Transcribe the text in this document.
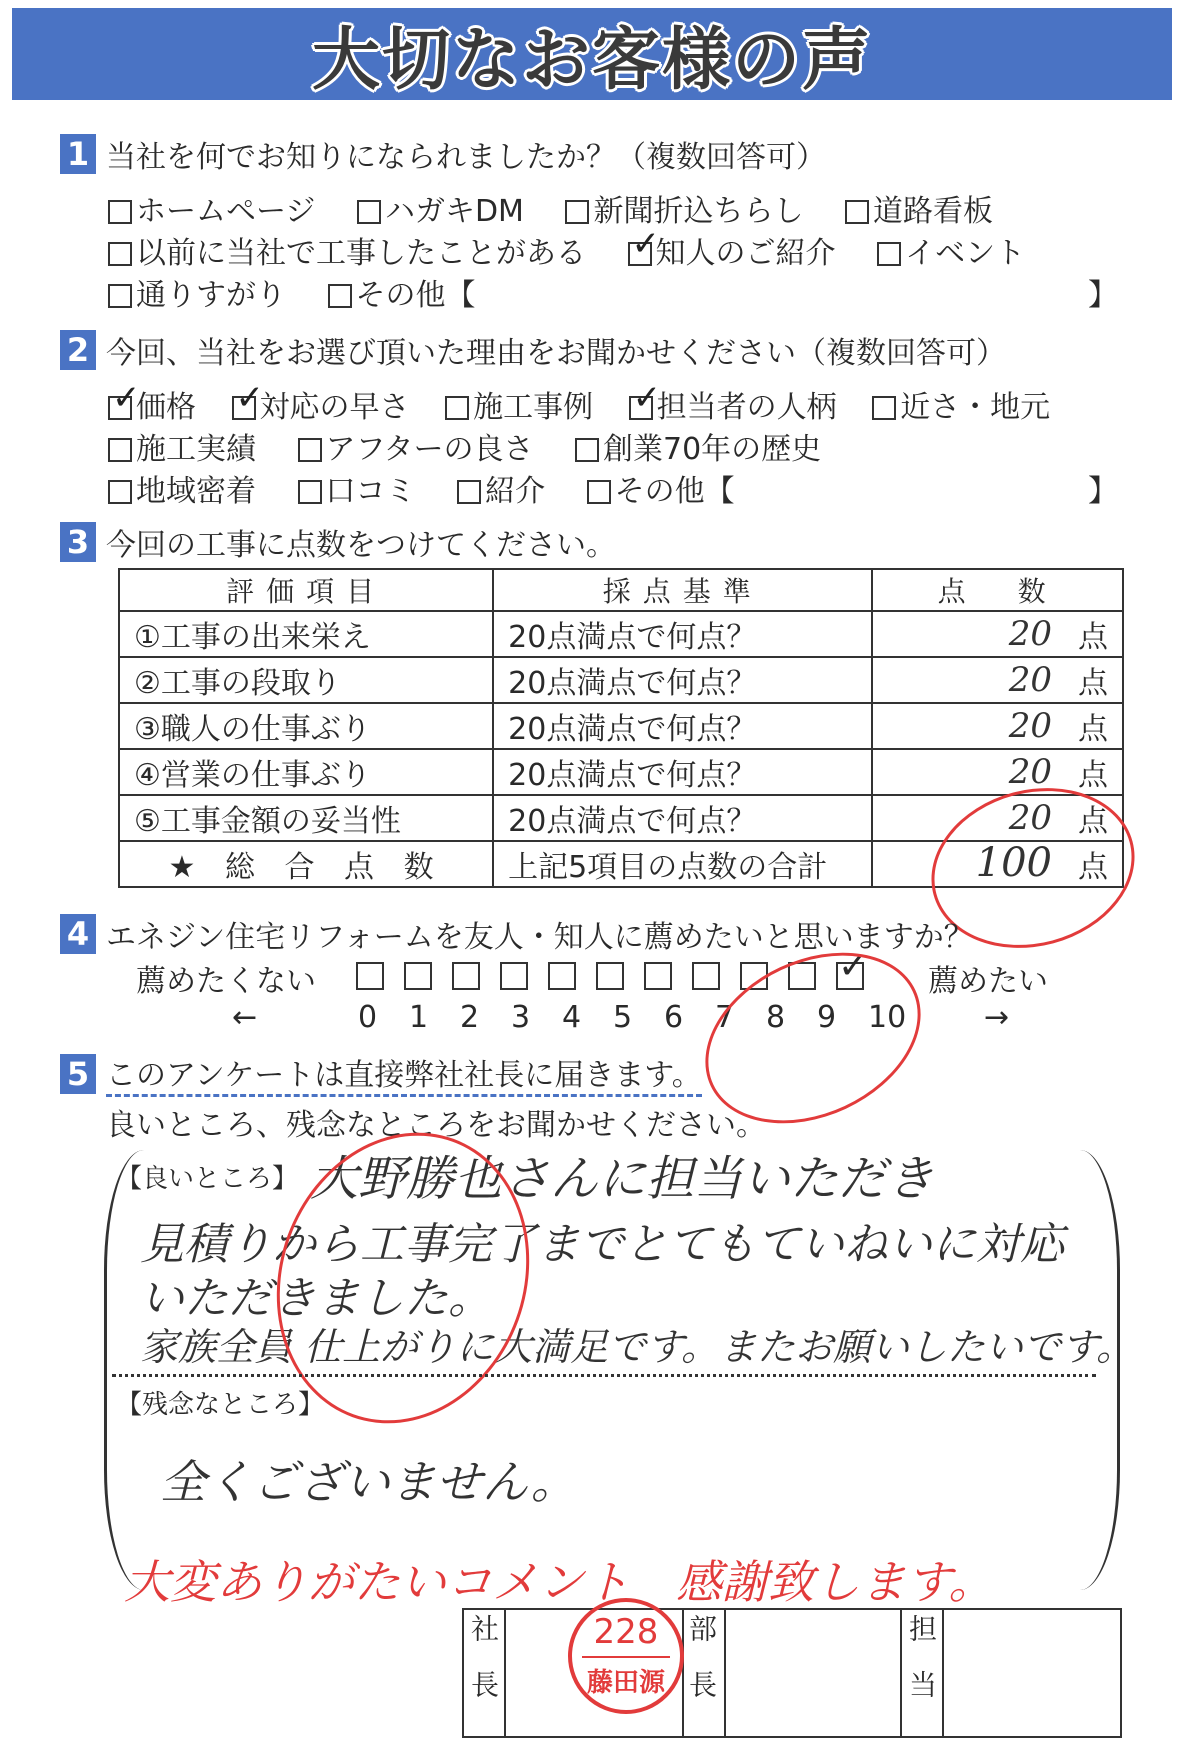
大切なお客様の声
1 当社を何でお知りになられましたか？（複数回答可）
ホームページ ハガキDM 新聞折込ちらし 道路看板
以前に当社で工事したことがある ✓ 知人のご紹介 イベント
通りすがり その他【	】
2 今回、当社をお選び頂いた理由をお聞かせください（複数回答可）
✓価格 ✓ 対応の早さ 施工事例 ✓ 担当者の人柄 近さ・地元
施工実績 アフターの良さ 創業70年の歴史
地域密着 口コミ 紹介 その他【	】
3 今回の工事に点数をつけてください。
評価項目	採点基準	点　数
①工事の出来栄え	20点満点で何点？	20 点
②工事の段取り	20点満点で何点？	20 点
③職人の仕事ぶり	20点満点で何点？	20 点
④営業の仕事ぶり	20点満点で何点？	20 点
⑤工事金額の妥当性	20点満点で何点？	20 点
★ 総 合 点 数	上記5項目の点数の合計	100 点
4 エネジン住宅リフォームを友人・知人に薦めたいと思いますか？
薦めたくない ✓	薦めたい
0 1 2 3 4 5 6 7 8 9 10
←	→
5 このアンケートは直接弊社社長に届きます。
良いところ、残念なところをお聞かせください。
【良いところ】 大野勝也さんに担当いただき
見積りから工事完了までとてもていねいに対応
いただきました。
家族全員 仕上がりに大満足です。またお願いしたいです。
【残念なところ】
全くございません。
大変ありがたいコメント　感謝致します。
社長	部長	担当
228
藤田源
